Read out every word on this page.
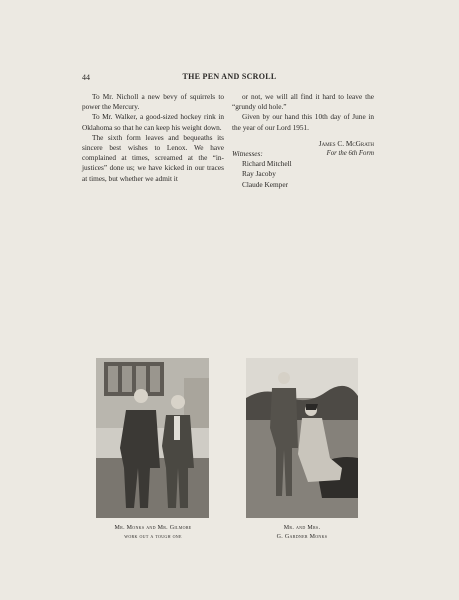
44	THE PEN AND SCROLL

To Mr. Nicholl a new bevy of squirrels to power the Mercury.

To Mr. Walker, a good-sized hockey rink in Oklahoma so that he can keep his weight down.

The sixth form leaves and bequeaths its sincere best wishes to Lenox. We have complained at times, screamed at the “in-justices” done us; we have kicked in our traces at times, but whether we admit it

or not, we will all find it hard to leave the “grundy old hole.”

Given by our hand this 10th day of June in the year of our Lord 1951.

James C. McGrath
Witnesses:	For the 6th Form
Richard Mitchell
Ray Jacoby
Claude Kemper
Mr. Monks and Mr. Gilmore
work out a tough one
Mr. and Mrs.
G. Gardner Monks
